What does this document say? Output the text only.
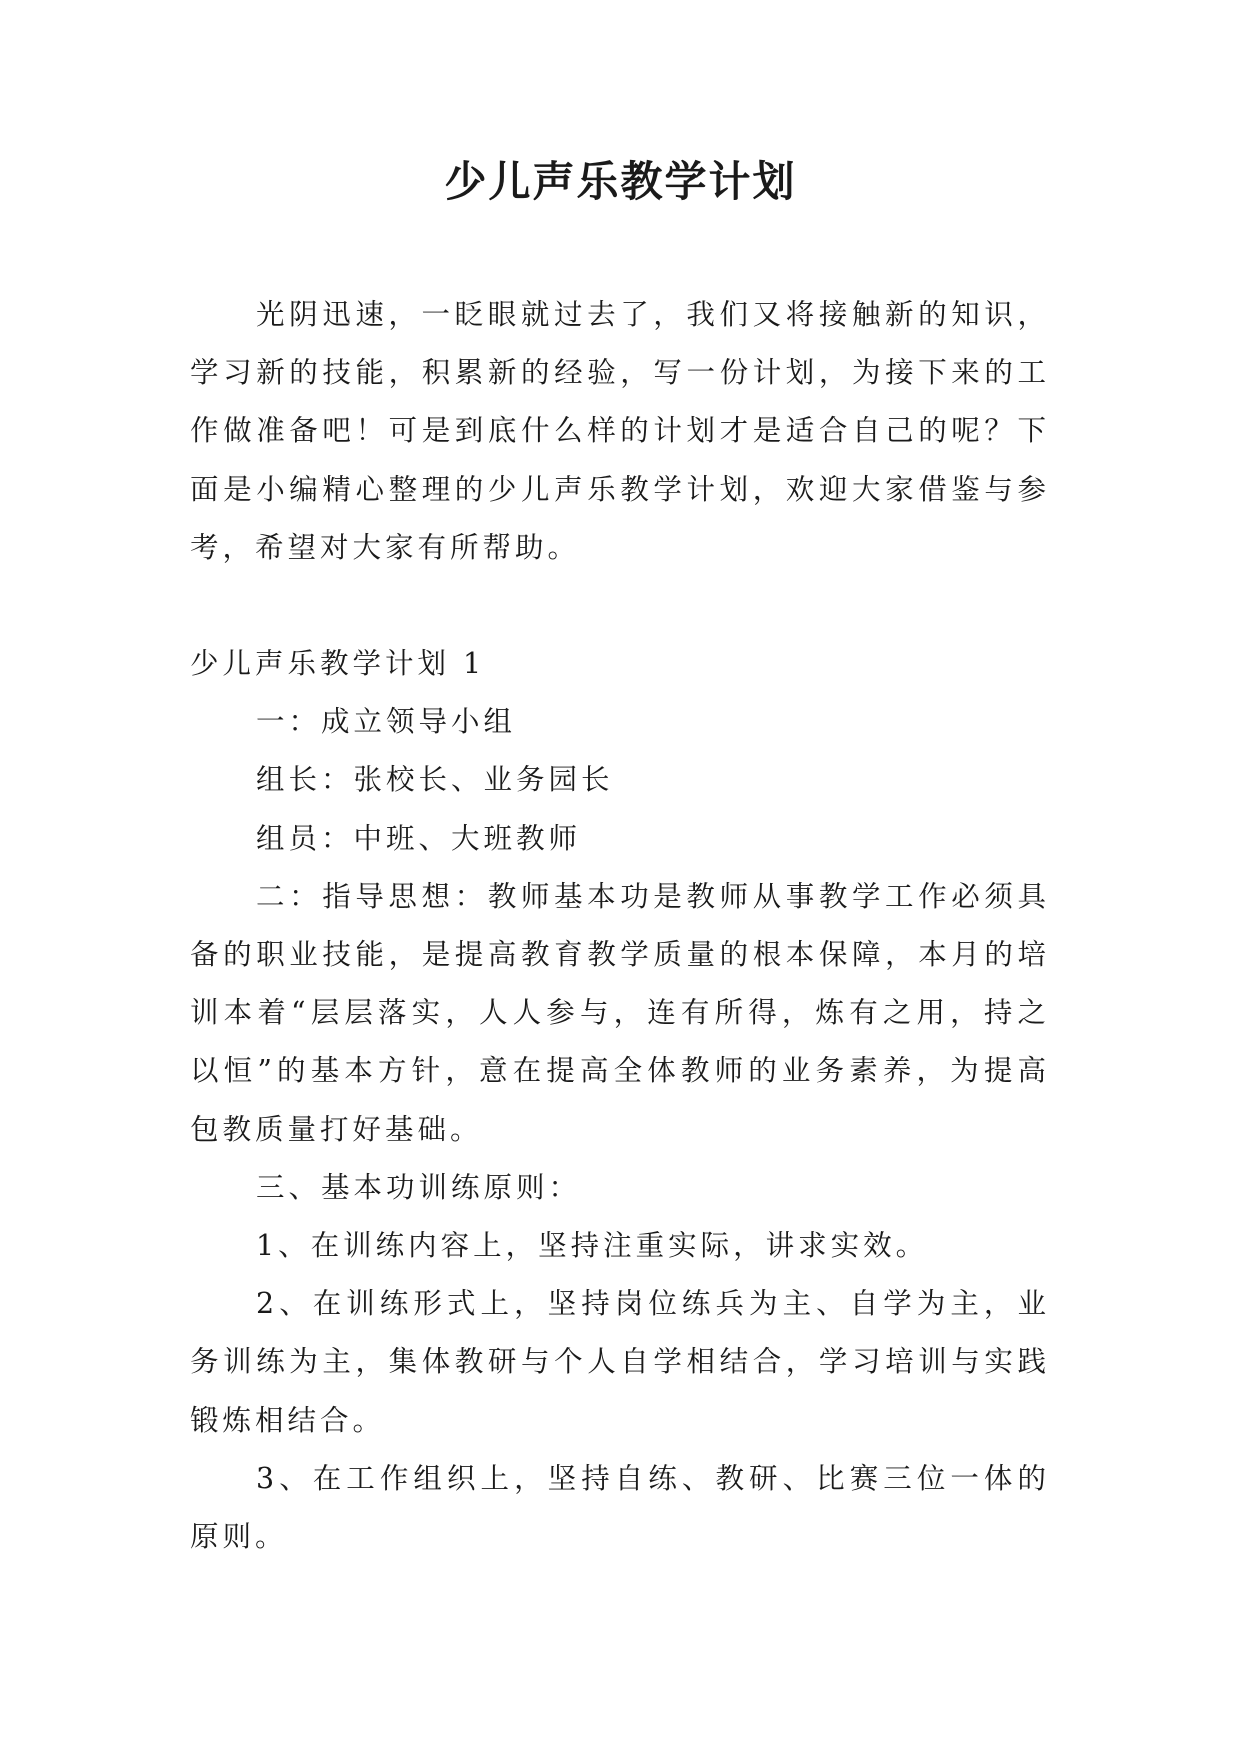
少儿声乐教学计划

光阴迅速，一眨眼就过去了，我们又将接触新的知识，学习新的技能，积累新的经验，写一份计划，为接下来的工作做准备吧！可是到底什么样的计划才是适合自己的呢？下面是小编精心整理的少儿声乐教学计划，欢迎大家借鉴与参考，希望对大家有所帮助。

少儿声乐教学计划 1

一：成立领导小组

组长：张校长、业务园长

组员：中班、大班教师

二：指导思想：教师基本功是教师从事教学工作必须具备的职业技能，是提高教育教学质量的根本保障，本月的培训本着“层层落实，人人参与，连有所得，炼有之用，持之以恒”的基本方针，意在提高全体教师的业务素养，为提高包教质量打好基础。

三、基本功训练原则：

1、在训练内容上，坚持注重实际，讲求实效。

2、在训练形式上，坚持岗位练兵为主、自学为主，业务训练为主，集体教研与个人自学相结合，学习培训与实践锻炼相结合。

3、在工作组织上，坚持自练、教研、比赛三位一体的原则。
